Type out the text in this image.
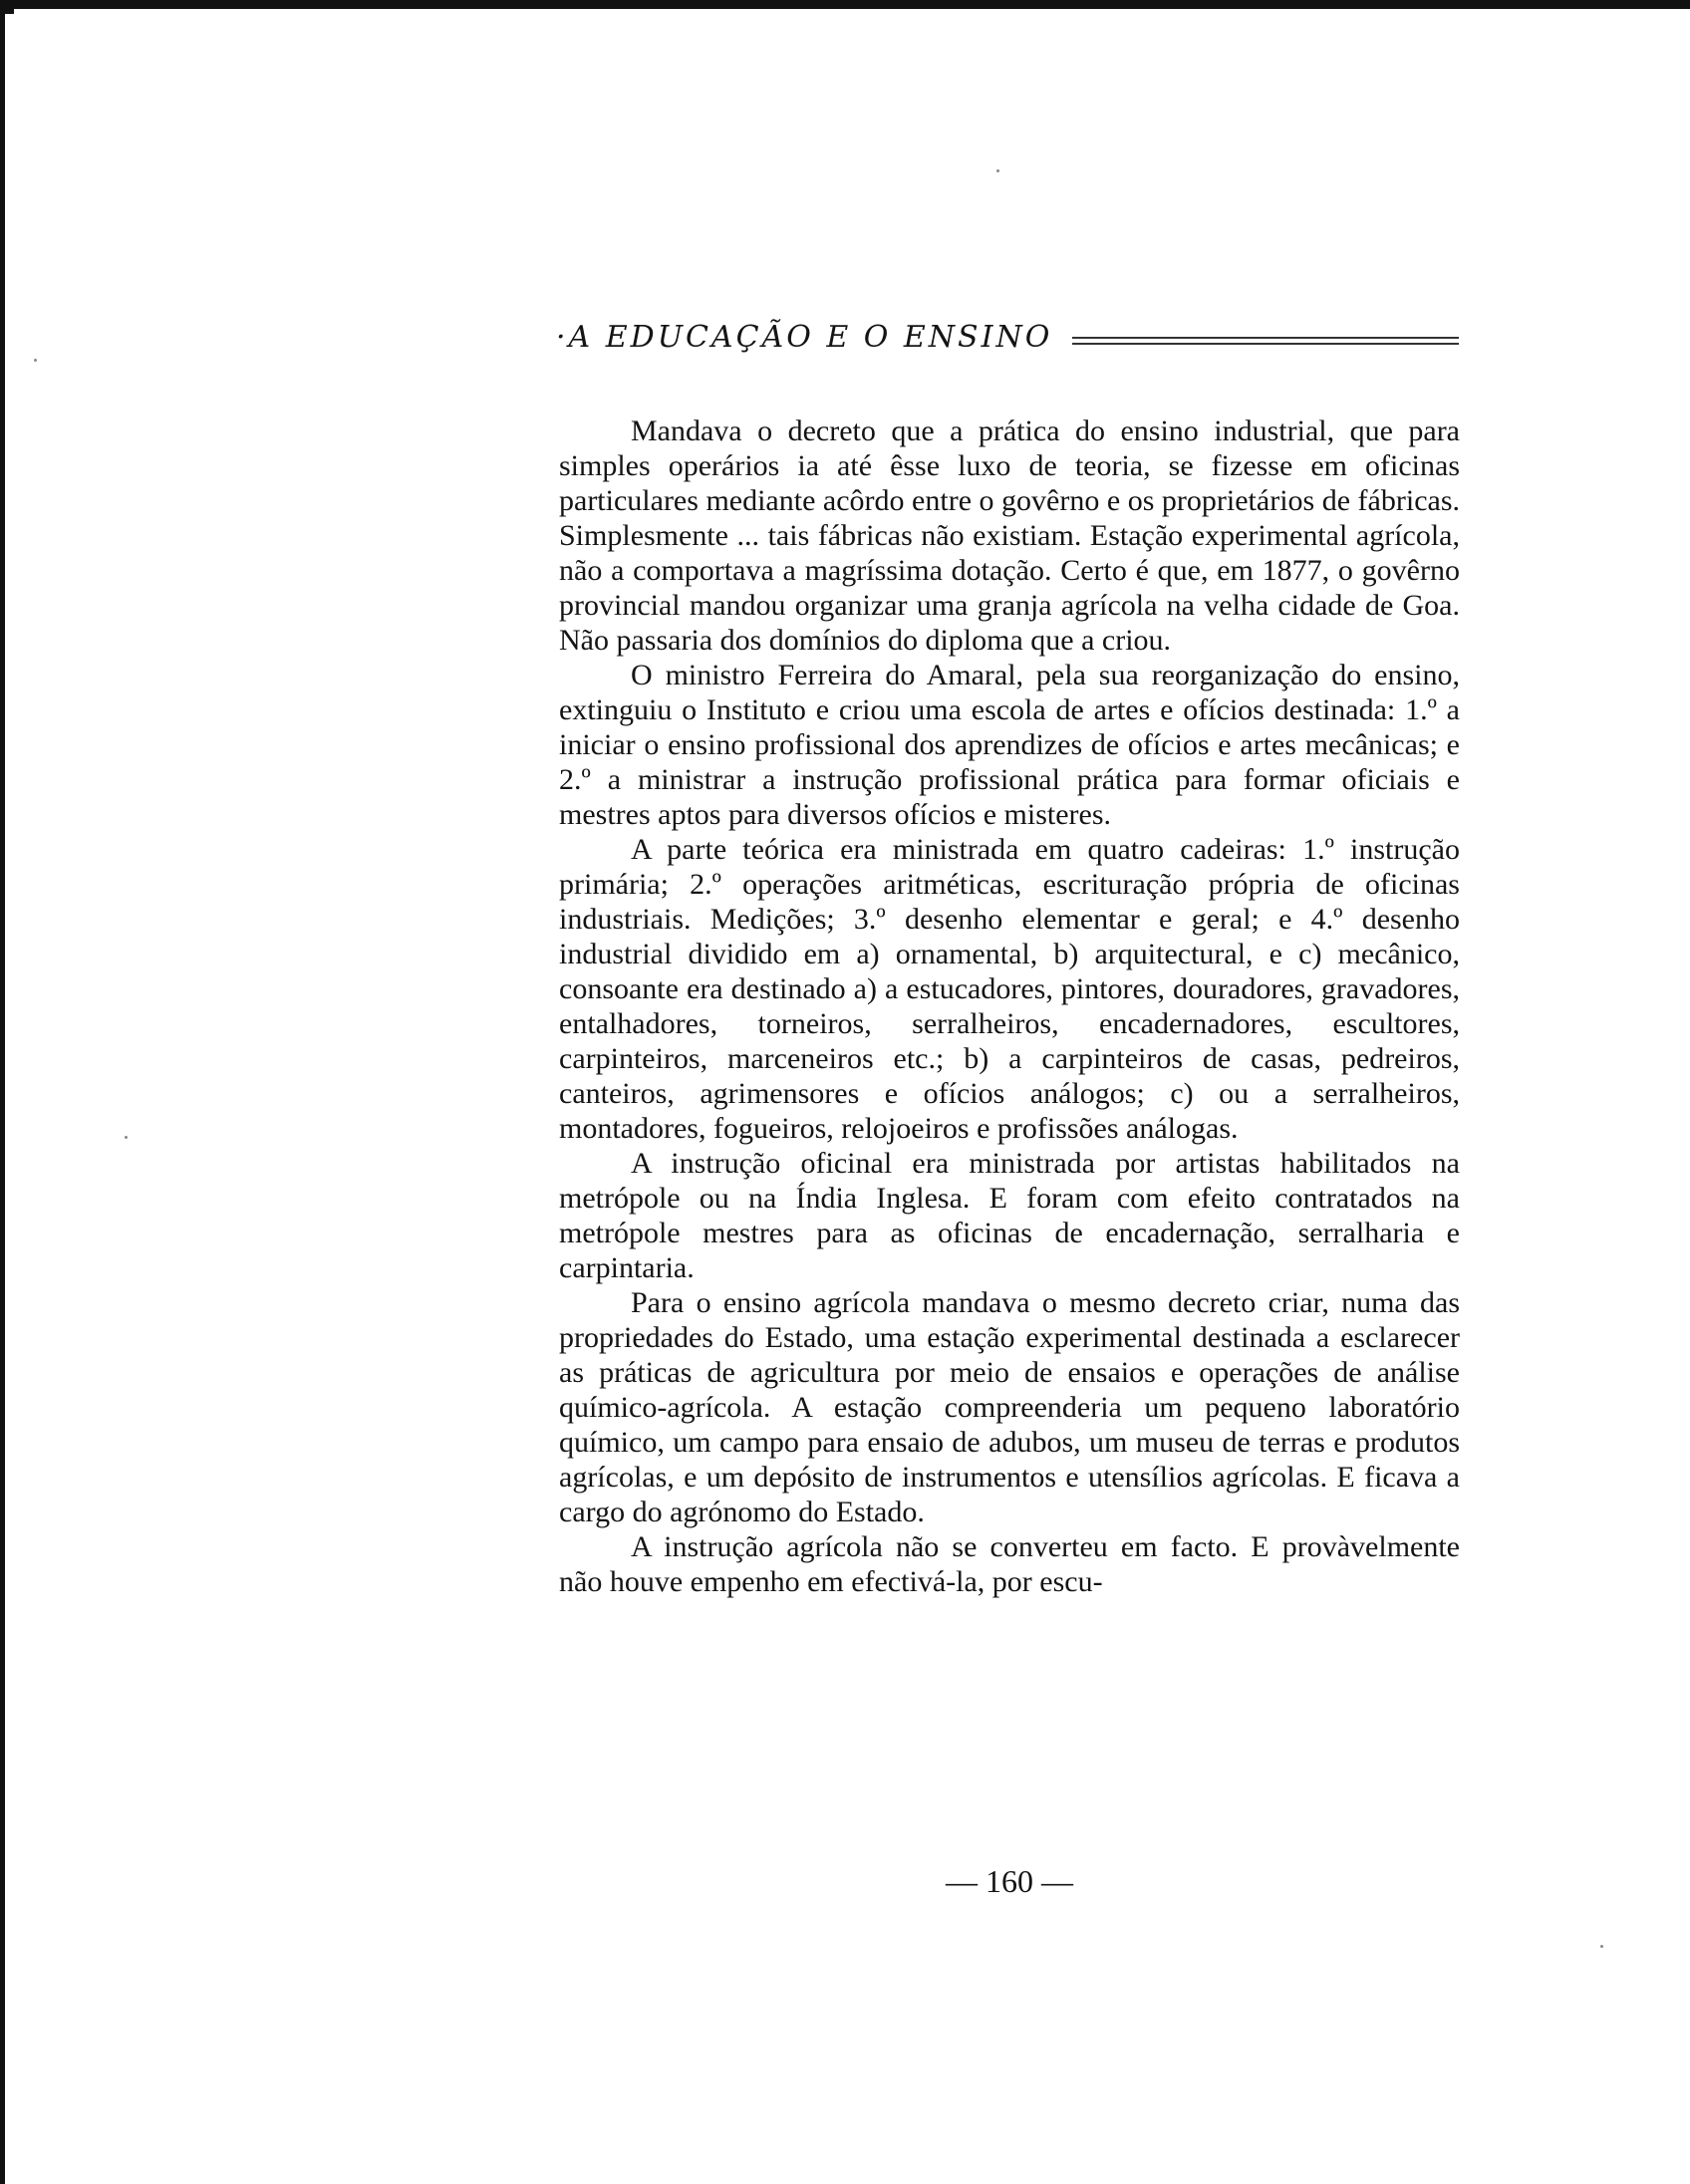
·A EDUCAÇÃO E O ENSINO

Mandava o decreto que a prática do ensino industrial, que para simples operários ia até êsse luxo de teoria, se fizesse em oficinas particulares mediante acôrdo entre o govêrno e os proprietários de fábricas. Simplesmente ... tais fábricas não existiam. Estação experimental agrícola, não a comportava a magríssima dotação. Certo é que, em 1877, o govêrno provincial mandou organizar uma granja agrícola na velha cidade de Goa. Não passaria dos domínios do diploma que a criou.

O ministro Ferreira do Amaral, pela sua reorganização do ensino, extinguiu o Instituto e criou uma escola de artes e ofícios destinada: 1.º a iniciar o ensino profissional dos aprendizes de ofícios e artes mecânicas; e 2.º a ministrar a instrução profissional prática para formar oficiais e mestres aptos para diversos ofícios e misteres.

A parte teórica era ministrada em quatro cadeiras: 1.º instrução primária; 2.º operações aritméticas, escrituração própria de oficinas industriais. Medições; 3.º desenho elementar e geral; e 4.º desenho industrial dividido em a) ornamental, b) arquitectural, e c) mecânico, consoante era destinado a) a estucadores, pintores, douradores, gravadores, entalhadores, torneiros, serralheiros, encadernadores, escultores, carpinteiros, marceneiros etc.; b) a carpinteiros de casas, pedreiros, canteiros, agrimensores e ofícios análogos; c) ou a serralheiros, montadores, fogueiros, relojoeiros e profissões análogas.

A instrução oficinal era ministrada por artistas habilitados na metrópole ou na Índia Inglesa. E foram com efeito contratados na metrópole mestres para as oficinas de encadernação, serralharia e carpintaria.

Para o ensino agrícola mandava o mesmo decreto criar, numa das propriedades do Estado, uma estação experimental destinada a esclarecer as práticas de agricultura por meio de ensaios e operações de análise químico-agrícola. A estação compreenderia um pequeno laboratório químico, um campo para ensaio de adubos, um museu de terras e produtos agrícolas, e um depósito de instrumentos e utensílios agrícolas. E ficava a cargo do agrónomo do Estado.

A instrução agrícola não se converteu em facto. E provàvelmente não houve empenho em efectivá-la, por escu-

— 160 —
